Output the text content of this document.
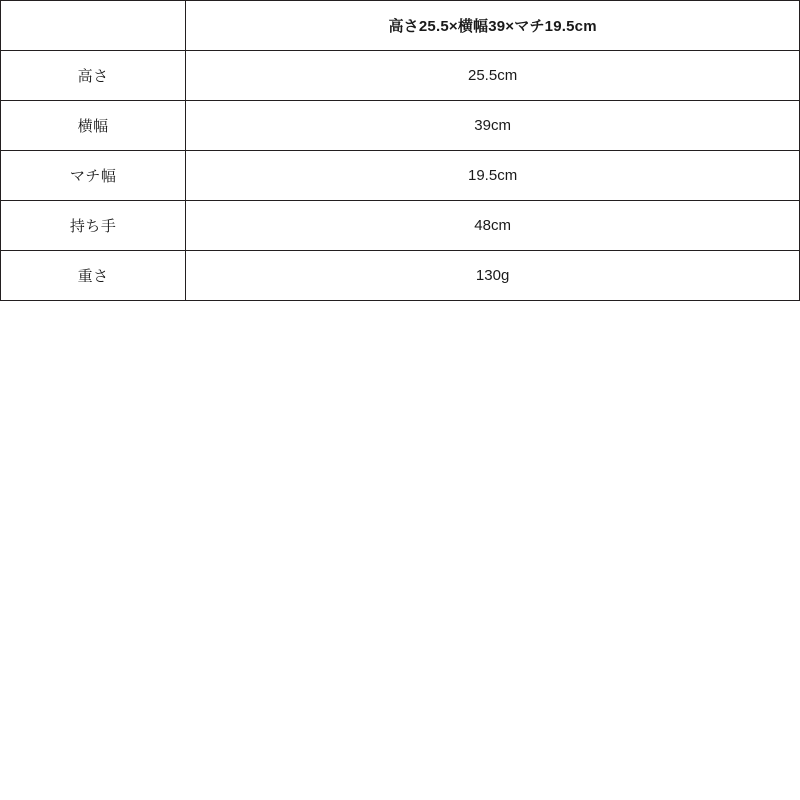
	高さ25.5×横幅39×マチ19.5cm
高さ	25.5cm
横幅	39cm
マチ幅	19.5cm
持ち手	48cm
重さ	130g
